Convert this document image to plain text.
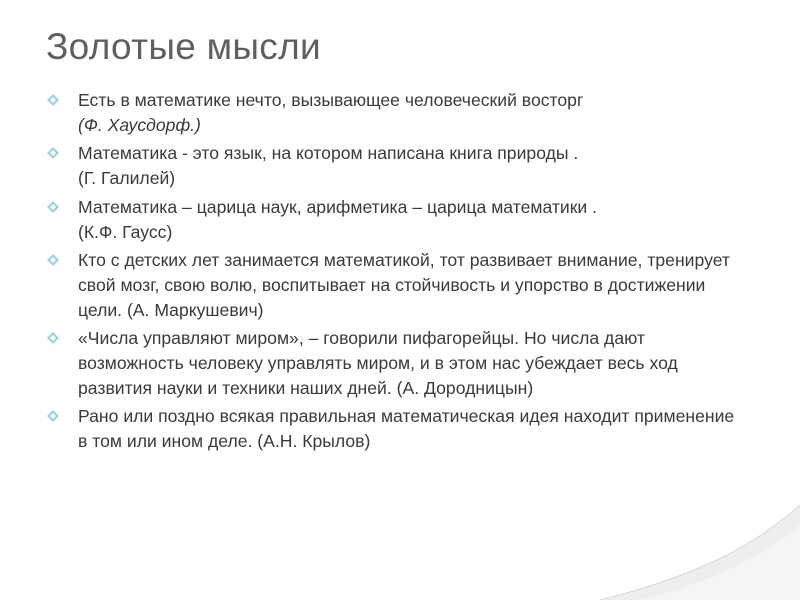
Золотые мысли
Есть в математике нечто, вызывающее человеческий восторг
(Ф. Хаусдорф.)
Математика - это язык, на котором написана книга природы .
(Г. Галилей)
Математика – царица наук, арифметика – царица математики .
(К.Ф. Гаусс)
Кто с детских лет занимается математикой, тот развивает внимание, тренирует свой мозг, свою волю, воспитывает на стойчивость и упорство в достижении цели. (А. Маркушевич)
«Числа управляют миром», – говорили пифагорейцы. Но числа дают возможность человеку управлять миром, и в этом нас убеждает весь ход развития науки и техники наших дней. (А. Дородницын)
Рано или поздно всякая правильная математическая идея находит применение в том или ином деле. (А.Н. Крылов)
